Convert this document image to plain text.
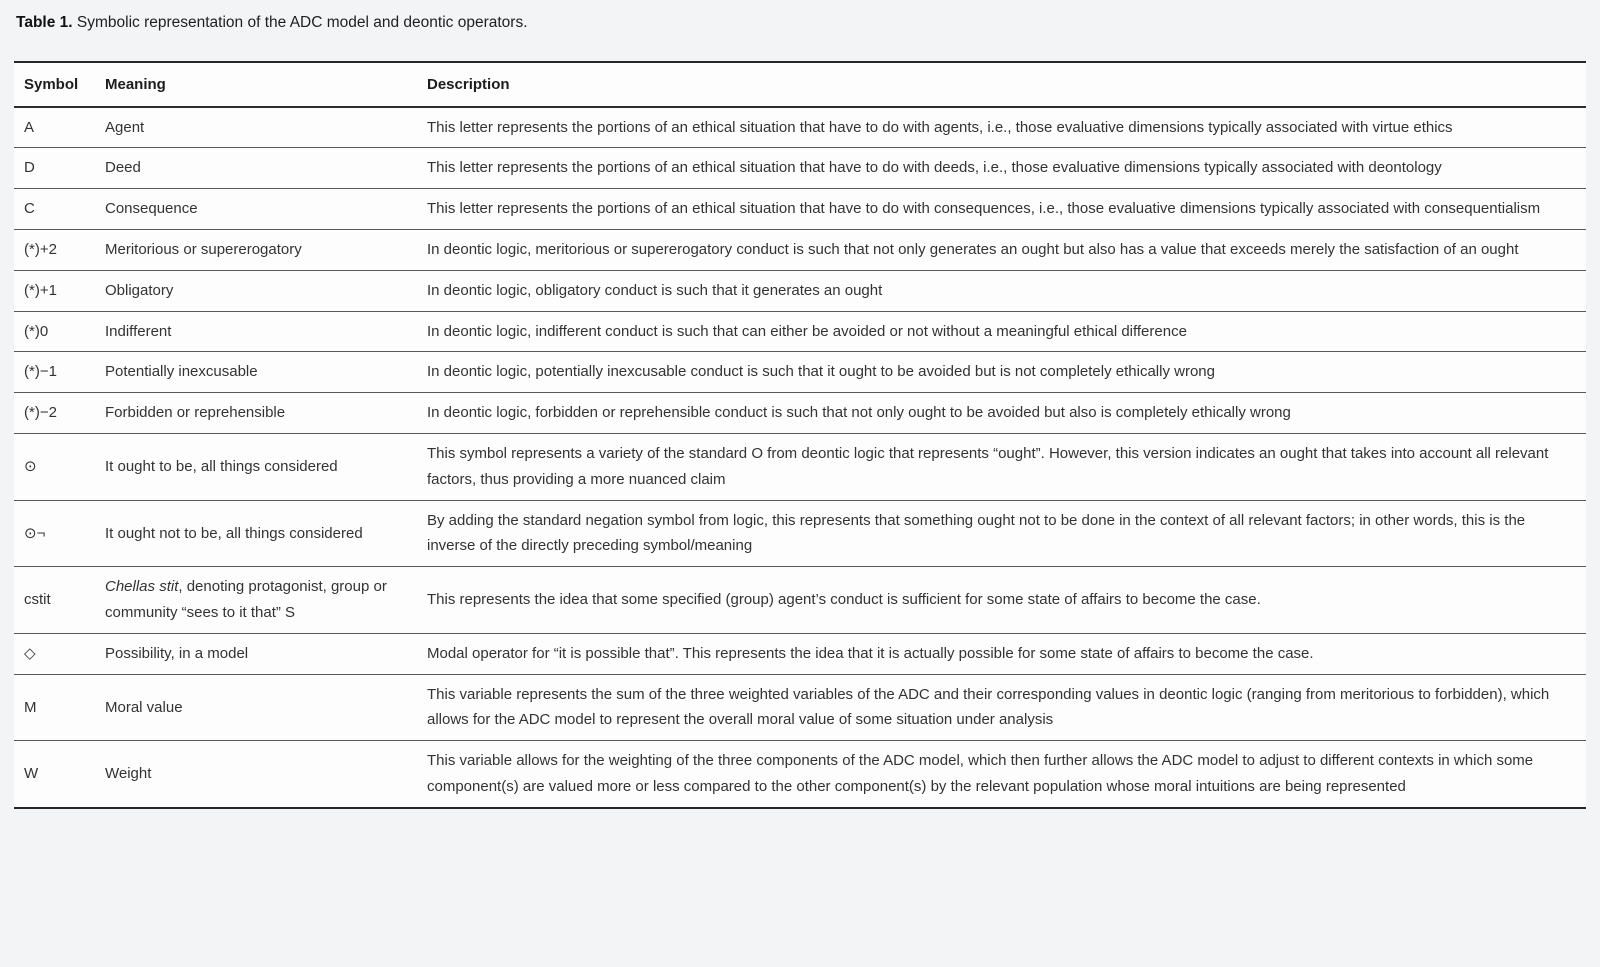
Table 1. Symbolic representation of the ADC model and deontic operators.

Symbol	Meaning	Description
A	Agent	This letter represents the portions of an ethical situation that have to do with agents, i.e., those evaluative dimensions typically associated with virtue ethics
D	Deed	This letter represents the portions of an ethical situation that have to do with deeds, i.e., those evaluative dimensions typically associated with deontology
C	Consequence	This letter represents the portions of an ethical situation that have to do with consequences, i.e., those evaluative dimensions typically associated with consequentialism
(*)+2	Meritorious or supererogatory	In deontic logic, meritorious or supererogatory conduct is such that not only generates an ought but also has a value that exceeds merely the satisfaction of an ought
(*)+1	Obligatory	In deontic logic, obligatory conduct is such that it generates an ought
(*)0	Indifferent	In deontic logic, indifferent conduct is such that can either be avoided or not without a meaningful ethical difference
(*)−1	Potentially inexcusable	In deontic logic, potentially inexcusable conduct is such that it ought to be avoided but is not completely ethically wrong
(*)−2	Forbidden or reprehensible	In deontic logic, forbidden or reprehensible conduct is such that not only ought to be avoided but also is completely ethically wrong
⊙	It ought to be, all things considered	This symbol represents a variety of the standard O from deontic logic that represents “ought”. However, this version indicates an ought that takes into account all relevant factors, thus providing a more nuanced claim
⊙¬	It ought not to be, all things considered	By adding the standard negation symbol from logic, this represents that something ought not to be done in the context of all relevant factors; in other words, this is the inverse of the directly preceding symbol/meaning
cstit	Chellas stit, denoting protagonist, group or community “sees to it that” S	This represents the idea that some specified (group) agent’s conduct is sufficient for some state of affairs to become the case.
◇	Possibility, in a model	Modal operator for “it is possible that”. This represents the idea that it is actually possible for some state of affairs to become the case.
M	Moral value	This variable represents the sum of the three weighted variables of the ADC and their corresponding values in deontic logic (ranging from meritorious to forbidden), which allows for the ADC model to represent the overall moral value of some situation under analysis
W	Weight	This variable allows for the weighting of the three components of the ADC model, which then further allows the ADC model to adjust to different contexts in which some component(s) are valued more or less compared to the other component(s) by the relevant population whose moral intuitions are being represented
